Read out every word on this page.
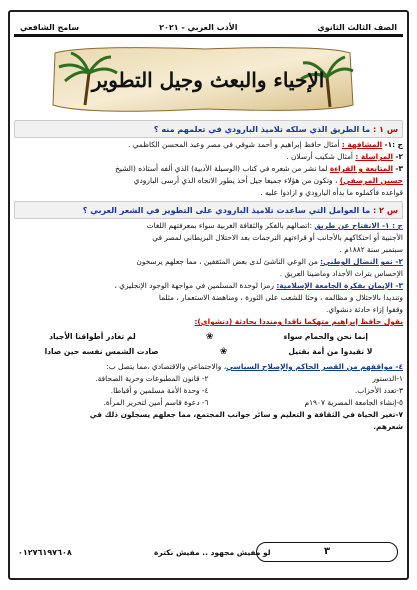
سامح الشافعي	الأدب العربي - ٢٠٢١	الصف الثالث الثانوي
الإحياء والبعث وجيل التطوير
س ١ : ما الطريق الذي سلكه تلاميذ البارودي في تعلمهم منه ؟
ج :١- المشافهة : أمثال حافظ إبراهيم و أحمد شوقي في مصر وعبد المحسن الكاظمي .
٢- المراسلة : أمثال شكيب أرسلان .
٣- المتابعة و القراءة لما نشر من شعره في كتاب (الوسيلة الأدبية) الذي ألفه أستاذه (الشيخ
حسين المرصفي) ، وتكون من هؤلاء جميعا جيل أخذ يطور الاتجاه الذي أرسى البارودي
قواعده فأكملوه ما بدأه البارودي و ازادوا عليه .
س ٢ : ما العوامل التي ساعدت تلاميذ البارودي على التطوير في الشعر العربي ؟
ج : ١- الانفتاح عن طريق :اتصالهم بالفكر والثقافة الغربية سواء بمعرفتهم اللغات
الأجنبية أو احتكاكهم بالأجانب أو قراءتهم الترجمات بعد الاحتلال البريطاني لمصر في
سبتمبر سنة ١٨٨٢م .
٢- نمو النضال الوطني: من الوعي الناشئ لدى بعض المثقفين ، مما جعلهم يرسخون
الإحساس بتراث الأجداد وماضينا العريق .
٣- الإيمان بفكرة الجامعة الإسلامية: رمزا لوحدة المسلمين في مواجهة الوجود الإنجليزي ،
وتنديدا بالاحتلال و مظالمه ، وحثا للشعب على الثورة ، ومناهضة الاستعمار ، مثلما
وقفوا إزاء حادثة دنشواي.
يقول حافظ إبراهيم متهكما ناقدا ومنددا بحادثة (دنشواي):
إنما نحن والحمام سواء
❀
لم تغادر أطواقنا الأجياد
لا تقيدوا من أمة بقتيل
❀
صادت الشمس نفسه حين صادا
٤- مواقفهم من القصر الحاكم والإصلاح السياسي، والاجتماعي والاقتصادي ،مما يتصل ب:
١-الدستور
٢- قانون المطبوعات وحرية الصحافة.
٣-تعدد الأحزاب.
٤- وحدة الأمة مسلمين و أقباطا.
٥-إنشاء الجامعة المصرية ١٩٠٧م
٦- دعوة قاسم أمين لتحرير المرأة.
٧-تغير الحياة في الثقافة و التعليم و سائر جوانب المجتمع، مما جعلهم يسجلون ذلك في
شعرهم.
٠١٢٧٦١٩٧٦٠٨	لو مفيش مجهود .. مفيش نكترة	٣
